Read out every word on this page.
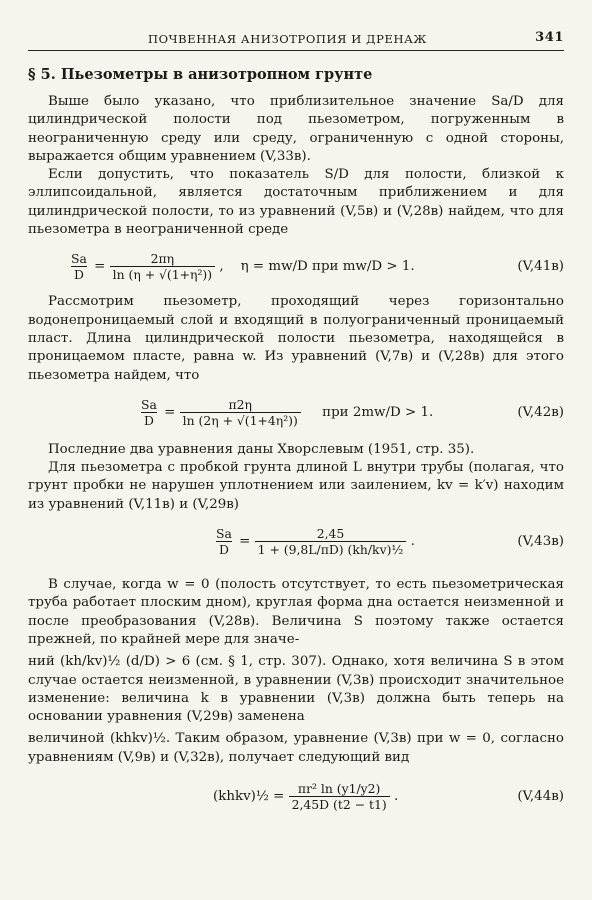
ПОЧВЕННАЯ АНИЗОТРОПИЯ И ДРЕНАЖ	341
§ 5. Пьезометры в анизотропном грунте

Выше было указано, что приблизительное значение Sa/D для цилиндрической полости под пьезометром, погруженным в неограниченную среду или среду, ограниченную с одной стороны, выражается общим уравнением (V,33в).

Если допустить, что показатель S/D для полости, близкой к эллипсоидальной, является достаточным приближением и для цилиндрической полости, то из уравнений (V,5в) и (V,28в) найдем, что для пьезометра в неограниченной среде

$\frac{Sa}{D} = \frac{2\pi\eta}{\text{ln (η + √(1+η²))}}$ ,    η = mw/D при mw/D > 1.	(V,41в)

Рассмотрим пьезометр, проходящий через горизонтально водонепроницаемый слой и входящий в полуограниченный проницаемый пласт. Длина цилиндрической полости пьезометра, находящейся в проницаемом пласте, равна w. Из уравнений (V,7в) и (V,28в) для этого пьезометра найдем, что

$\frac{Sa}{D} = \frac{\pi 2\eta}{\text{ln (2η + √(1+4η²))}}$ при 2mw/D > 1.	(V,42в)

Последние два уравнения даны Хворслевым (1951, стр. 35).

Для пьезометра с пробкой грунта длиной L внутри трубы (полагая, что грунт пробки не нарушен уплотнением или заилением, kv = k′v) находим из уравнений (V,11в) и (V,29в)

$\frac{Sa}{D} = \frac{2,45}{\text{1 + (9,8L/πD) (kh/kv)½}}$ .	(V,43в)

В случае, когда w = 0 (полость отсутствует, то есть пьезометрическая труба работает плоским дном), круглая форма дна остается неизменной и после преобразования (V,28в). Величина S поэтому также остается прежней, по крайней мере для значе-

ний (kh/kv)½ (d/D) > 6 (см. § 1, стр. 307). Однако, хотя величина S в этом случае остается неизменной, в уравнении (V,3в) происходит значительное изменение: величина k в уравнении (V,3в) должна быть теперь на основании уравнения (V,29в) заменена

величиной (khkv)½. Таким образом, уравнение (V,3в) при w = 0, согласно уравнениям (V,9в) и (V,32в), получает следующий вид

(khkv)½ = $\frac{\text{πr² ln (y1/y2)}}{2,45D (t2 - t1)}$ .	(V,44в)
